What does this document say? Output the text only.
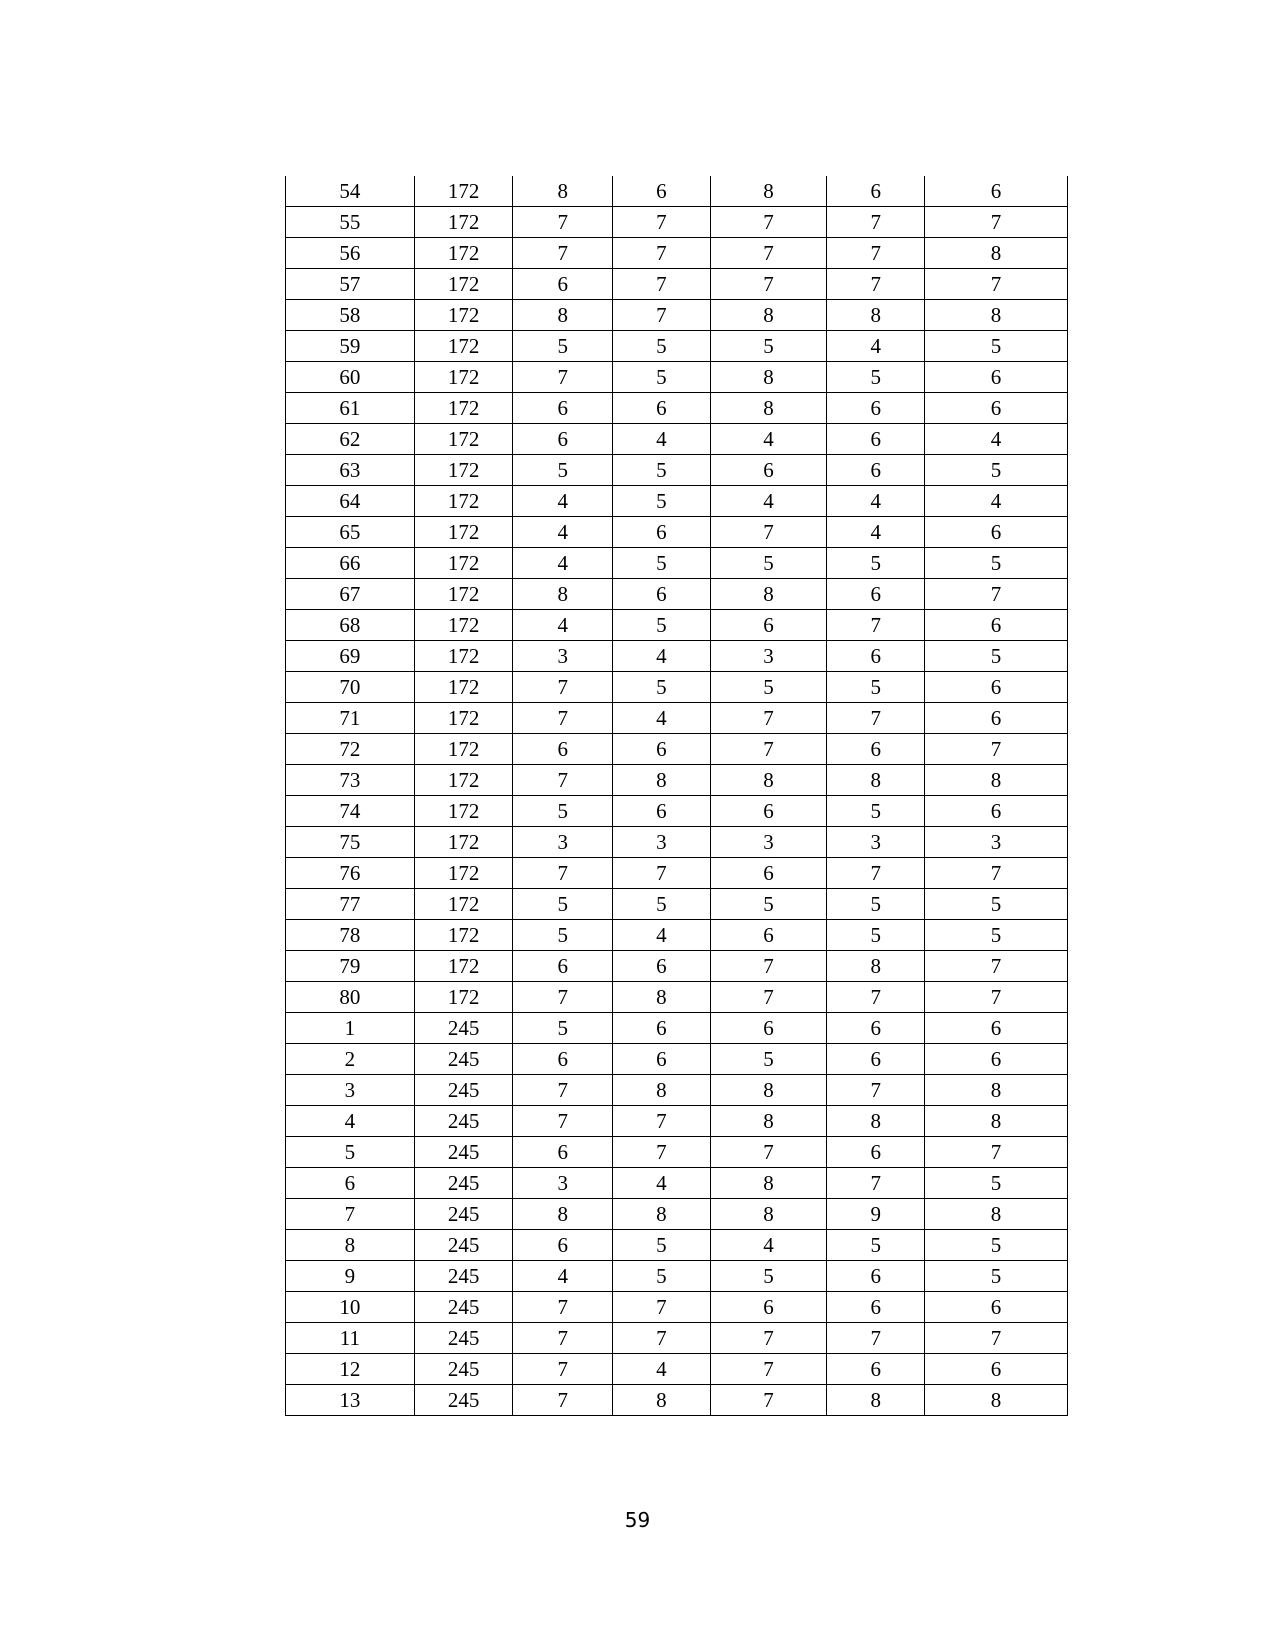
54	172	8	6	8	6	6
55	172	7	7	7	7	7
56	172	7	7	7	7	8
57	172	6	7	7	7	7
58	172	8	7	8	8	8
59	172	5	5	5	4	5
60	172	7	5	8	5	6
61	172	6	6	8	6	6
62	172	6	4	4	6	4
63	172	5	5	6	6	5
64	172	4	5	4	4	4
65	172	4	6	7	4	6
66	172	4	5	5	5	5
67	172	8	6	8	6	7
68	172	4	5	6	7	6
69	172	3	4	3	6	5
70	172	7	5	5	5	6
71	172	7	4	7	7	6
72	172	6	6	7	6	7
73	172	7	8	8	8	8
74	172	5	6	6	5	6
75	172	3	3	3	3	3
76	172	7	7	6	7	7
77	172	5	5	5	5	5
78	172	5	4	6	5	5
79	172	6	6	7	8	7
80	172	7	8	7	7	7
1	245	5	6	6	6	6
2	245	6	6	5	6	6
3	245	7	8	8	7	8
4	245	7	7	8	8	8
5	245	6	7	7	6	7
6	245	3	4	8	7	5
7	245	8	8	8	9	8
8	245	6	5	4	5	5
9	245	4	5	5	6	5
10	245	7	7	6	6	6
11	245	7	7	7	7	7
12	245	7	4	7	6	6
13	245	7	8	7	8	8
59
